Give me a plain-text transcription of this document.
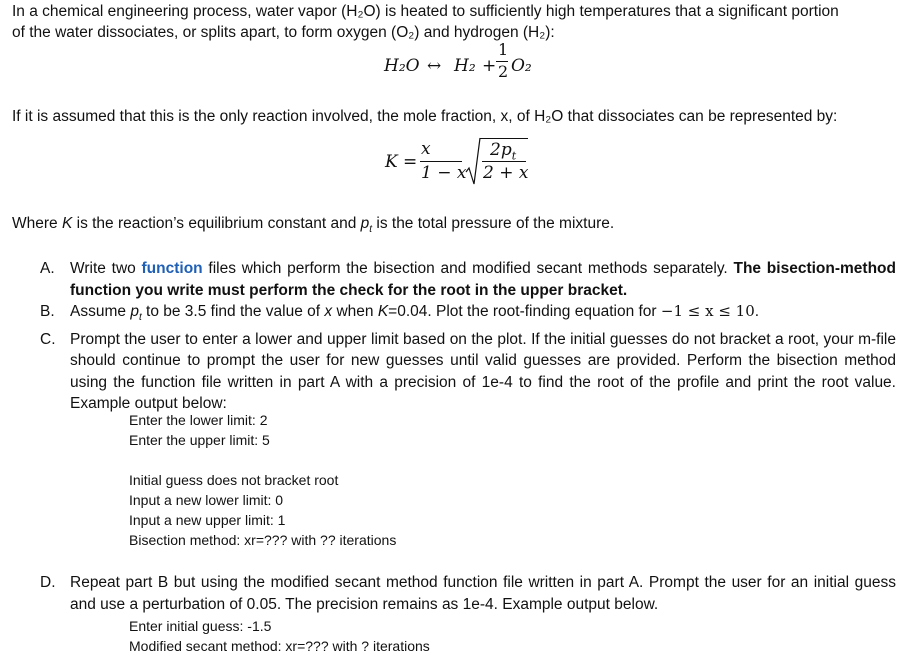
In a chemical engineering process, water vapor (H₂O) is heated to sufficiently high temperatures that a significant portion
of the water dissociates, or splits apart, to form oxygen (O₂) and hydrogen (H₂):
H₂O ↔ H₂ +
1
2 O₂
If it is assumed that this is the only reaction involved, the mole fraction, x, of H₂O that dissociates can be represented by:
K =
x
1 − x
$2p_t$
2 + x
Where K is the reaction’s equilibrium constant and $p_t$ is the total pressure of the mixture.
A. Write two function files which perform the bisection and modified secant methods separately. The bisection-method function you write must perform the check for the root in the upper bracket.
B. Assume $p_t$ to be 3.5 find the value of x when K=0.04. Plot the root-finding equation for −1 ≤ x ≤ 10.
C. Prompt the user to enter a lower and upper limit based on the plot. If the initial guesses do not bracket a root, your m-file should continue to prompt the user for new guesses until valid guesses are provided. Perform the bisection method using the function file written in part A with a precision of 1e-4 to find the root of the profile and print the root value. Example output below:
Enter the lower limit: 2
Enter the upper limit: 5
Initial guess does not bracket root
Input a new lower limit: 0
Input a new upper limit: 1
Bisection method: xr=??? with ?? iterations
D. Repeat part B but using the modified secant method function file written in part A. Prompt the user for an initial guess and use a perturbation of 0.05. The precision remains as 1e-4. Example output below.
Enter initial guess: -1.5
Modified secant method: xr=??? with ? iterations
